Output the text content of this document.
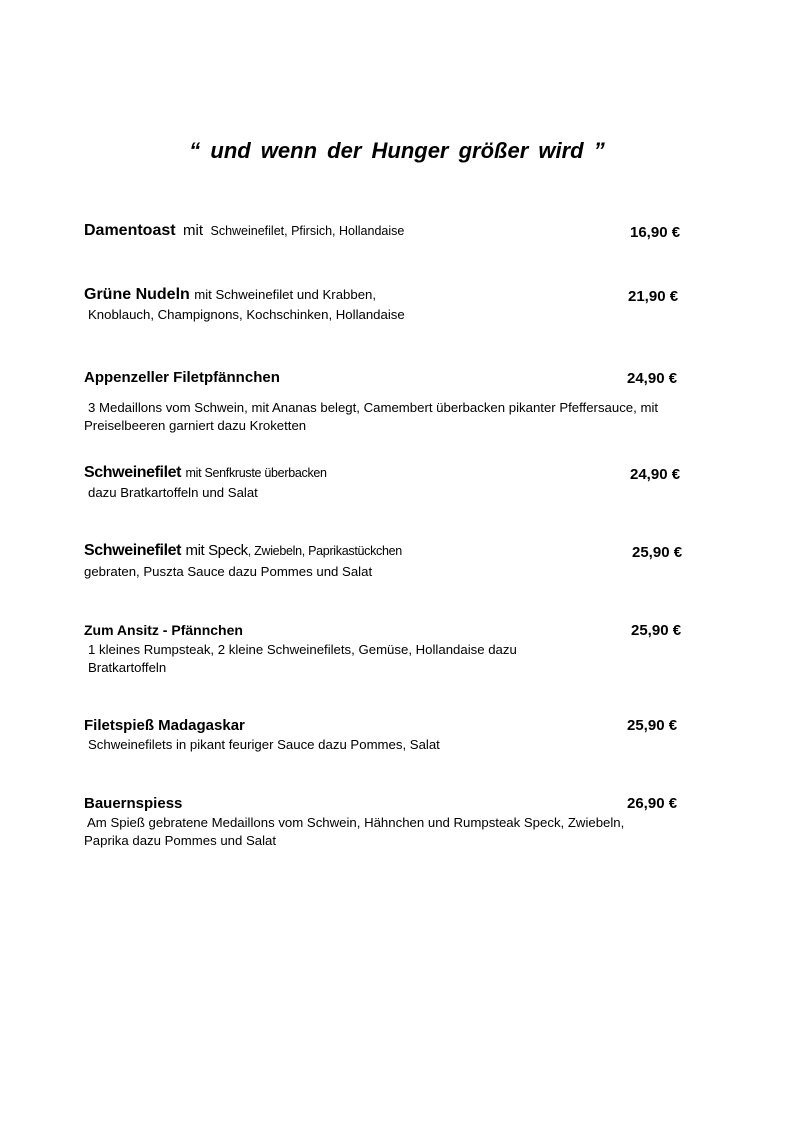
“ und wenn der Hunger größer wird ”
Damentoast mit Schweinefilet, Pfirsich, Hollandaise	16,90 €
Grüne Nudeln mit Schweinefilet und Krabben,
Knoblauch, Champignons, Kochschinken, Hollandaise
21,90 €
Appenzeller Filetpfännchen
3 Medaillons vom Schwein, mit Ananas belegt, Camembert überbacken pikanter Pfeffersauce, mit
Preiselbeeren garniert dazu Kroketten
24,90 €
Schweinefilet mit Senfkruste überbacken
dazu Bratkartoffeln und Salat
24,90 €
Schweinefilet mit Speck, Zwiebeln, Paprikastückchen
gebraten, Puszta Sauce dazu Pommes und Salat
25,90 €
Zum Ansitz - Pfännchen
1 kleines Rumpsteak, 2 kleine Schweinefilets, Gemüse, Hollandaise dazu
Bratkartoffeln
25,90 €
Filetspieß Madagaskar
Schweinefilets in pikant feuriger Sauce dazu Pommes, Salat
25,90 €
Bauernspiess
Am Spieß gebratene Medaillons vom Schwein, Hähnchen und Rumpsteak Speck, Zwiebeln,
Paprika dazu Pommes und Salat
26,90 €
